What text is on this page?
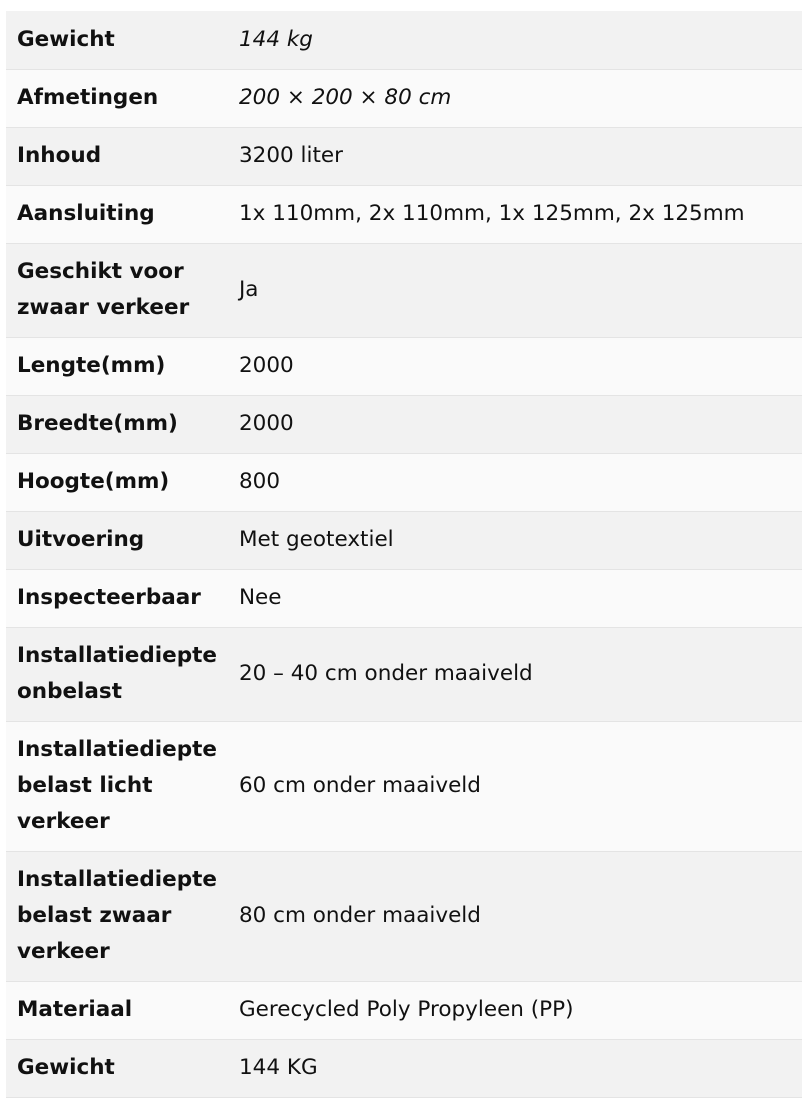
Gewicht	144 kg
Afmetingen	200 × 200 × 80 cm
Inhoud	3200 liter
Aansluiting	1x 110mm, 2x 110mm, 1x 125mm, 2x 125mm
Geschikt voor zwaar verkeer	Ja
Lengte(mm)	2000
Breedte(mm)	2000
Hoogte(mm)	800
Uitvoering	Met geotextiel
Inspecteerbaar	Nee
Installatiediepte onbelast	20 – 40 cm onder maaiveld
Installatiediepte belast licht verkeer	60 cm onder maaiveld
Installatiediepte belast zwaar verkeer	80 cm onder maaiveld
Materiaal	Gerecycled Poly Propyleen (PP)
Gewicht	144 KG
